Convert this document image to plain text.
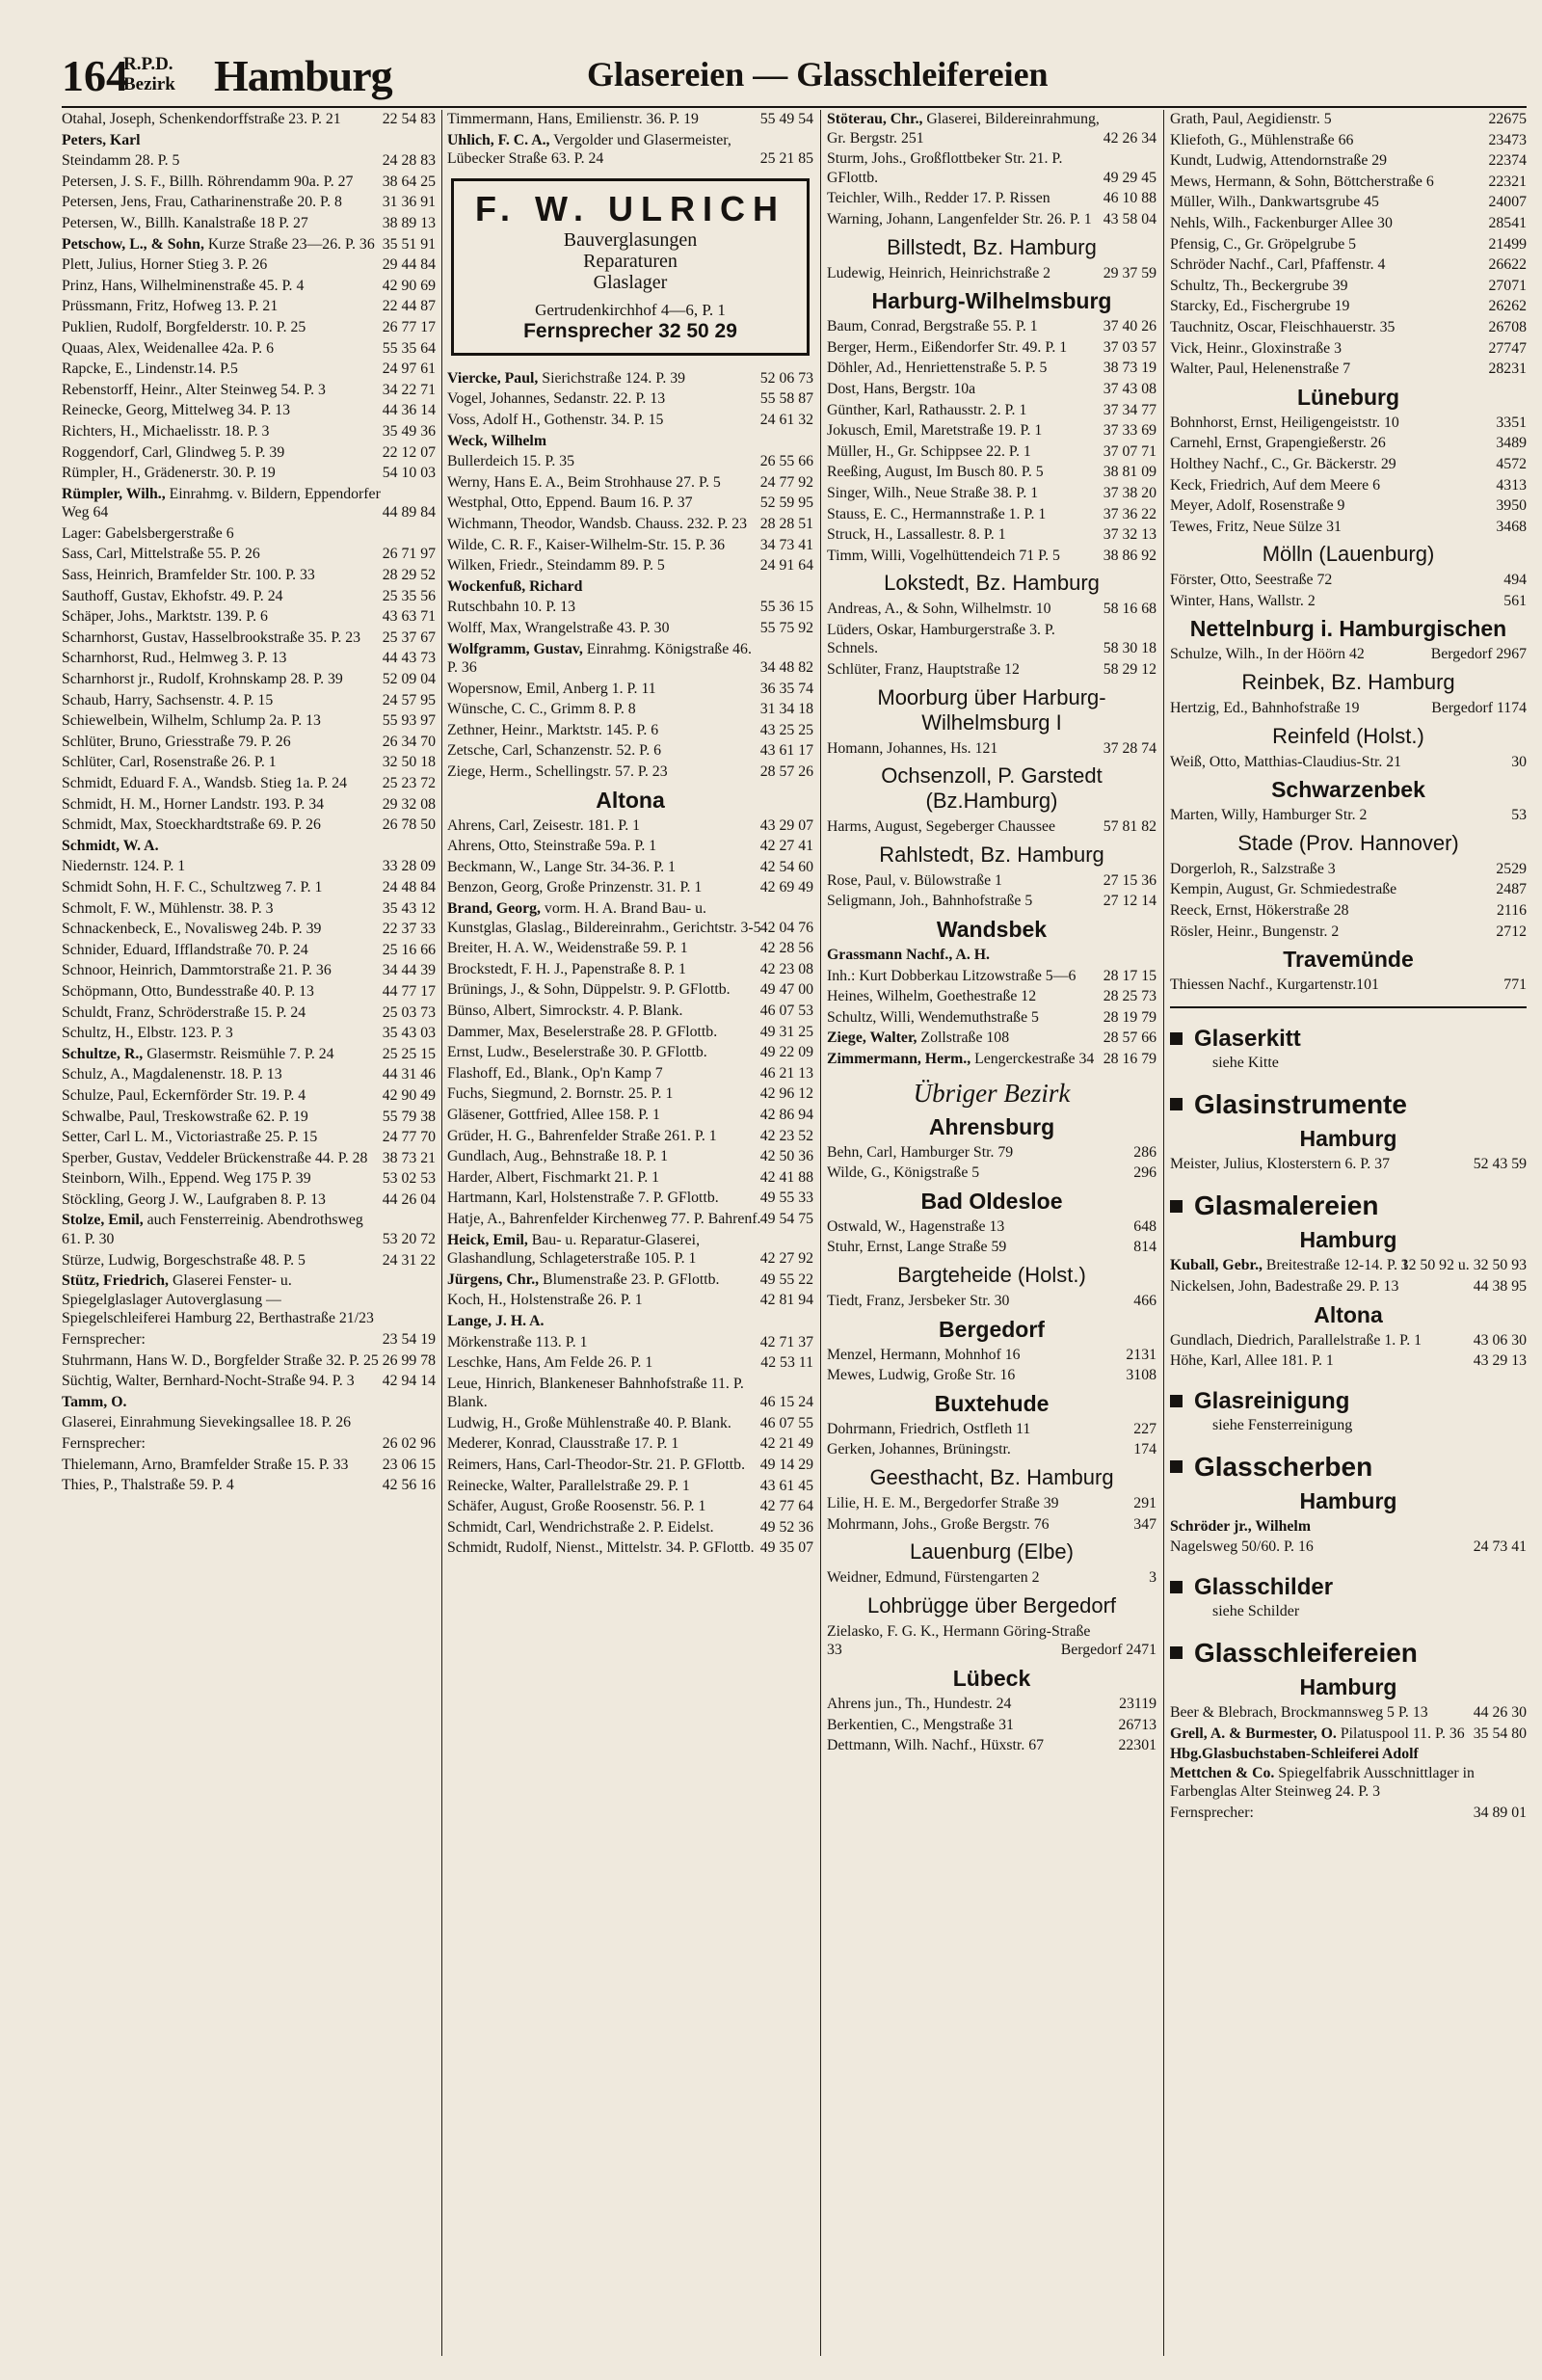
164
R.P.D.
Bezirk Hamburg	Glasereien — Glasschleifereien
Otahal, Joseph, Schenkendorffstraße 23. P. 21	22 54 83
Peters, Karl
Steindamm 28. P. 5	24 28 83
Petersen, J. S. F., Billh. Röhrendamm 90a. P. 27 38 64 25
Petersen, Jens, Frau, Catharinenstraße 20. P. 8	31 36 91
Petersen, W., Billh. Kanalstraße 18 P. 27	38 89 13
Petschow, L., & Sohn, Kurze Straße 23—26. P. 36 35 51 91
Plett, Julius, Horner Stieg 3. P. 26	29 44 84
Prinz, Hans, Wilhelminenstraße 45. P. 4	42 90 69
Prüssmann, Fritz, Hofweg 13. P. 21	22 44 87
Puklien, Rudolf, Borgfelderstr. 10. P. 25	26 77 17
Quaas, Alex, Weidenallee 42a. P. 6	55 35 64
Rapcke, E., Lindenstr.14. P.5	24 97 61
Rebenstorff, Heinr., Alter Steinweg 54. P. 3	34 22 71
Reinecke, Georg, Mittelweg 34. P. 13	44 36 14
Richters, H., Michaelisstr. 18. P. 3	35 49 36
Roggendorf, Carl, Glindweg 5. P. 39	22 12 07
Rümpler, H., Grädenerstr. 30. P. 19	54 10 03
Rümpler, Wilh., Einrahmg. v. Bildern, Eppendorfer Weg 64	44 89 84
Lager: Gabelsbergerstraße 6
Sass, Carl, Mittelstraße 55. P. 26	26 71 97
Sass, Heinrich, Bramfelder Str. 100. P. 33	28 29 52
Sauthoff, Gustav, Ekhofstr. 49. P. 24	25 35 56
Schäper, Johs., Marktstr. 139. P. 6	43 63 71
Scharnhorst, Gustav, Hasselbrookstraße 35. P. 23 25 37 67
Scharnhorst, Rud., Helmweg 3. P. 13	44 43 73
Scharnhorst jr., Rudolf, Krohnskamp 28. P. 39	52 09 04
Schaub, Harry, Sachsenstr. 4. P. 15	24 57 95
Schiewelbein, Wilhelm, Schlump 2a. P. 13	55 93 97
Schlüter, Bruno, Griesstraße 79. P. 26	26 34 70
Schlüter, Carl, Rosenstraße 26. P. 1	32 50 18
Schmidt, Eduard F. A., Wandsb. Stieg 1a. P. 24 25 23 72
Schmidt, H. M., Horner Landstr. 193. P. 34	29 32 08
Schmidt, Max, Stoeckhardtstraße 69. P. 26	26 78 50
Schmidt, W. A.
Niedernstr. 124. P. 1	33 28 09
Schmidt Sohn, H. F. C., Schultzweg 7. P. 1	24 48 84
Schmolt, F. W., Mühlenstr. 38. P. 3	35 43 12
Schnackenbeck, E., Novalisweg 24b. P. 39	22 37 33
Schnider, Eduard, Ifflandstraße 70. P. 24	25 16 66
Schnoor, Heinrich, Dammtorstraße 21. P. 36	34 44 39
Schöpmann, Otto, Bundesstraße 40. P. 13	44 77 17
Schuldt, Franz, Schröderstraße 15. P. 24	25 03 73
Schultz, H., Elbstr. 123. P. 3	35 43 03
Schultze, R., Glasermstr. Reismühle 7. P. 24	25 25 15
Schulz, A., Magdalenenstr. 18. P. 13	44 31 46
Schulze, Paul, Eckernförder Str. 19. P. 4	42 90 49
Schwalbe, Paul, Treskowstraße 62. P. 19	55 79 38
Setter, Carl L. M., Victoriastraße 25. P. 15	24 77 70
Sperber, Gustav, Veddeler Brückenstraße 44. P. 28 38 73 21
Steinborn, Wilh., Eppend. Weg 175 P. 39	53 02 53
Stöckling, Georg J. W., Laufgraben 8. P. 13	44 26 04
Stolze, Emil, auch Fensterreinig. Abendrothsweg 61. P. 30	53 20 72
Stürze, Ludwig, Borgeschstraße 48. P. 5	24 31 22
Stütz, Friedrich, Glaserei Fenster- u. Spiegelglaslager Autoverglasung — Spiegelschleiferei Hamburg 22, Berthastraße 21/23
Fernsprecher:	23 54 19
Stuhrmann, Hans W. D., Borgfelder Straße 32. P. 25 26 99 78
Süchtig, Walter, Bernhard-Nocht-Straße 94. P. 3 42 94 14
Tamm, O.
Glaserei, Einrahmung Sievekingsallee 18. P. 26
Fernsprecher:	26 02 96
Thielemann, Arno, Bramfelder Straße 15. P. 33 23 06 15
Thies, P., Thalstraße 59. P. 4	42 56 16
Timmermann, Hans, Emilienstr. 36. P. 19	55 49 54
Uhlich, F. C. A., Vergolder und Glasermeister, Lübecker Straße 63. P. 24	25 21 85
F. W. ULRICH
Bauverglasungen
Reparaturen
Glaslager
Gertrudenkirchhof 4—6, P. 1
Fernsprecher 32 50 29
Viercke, Paul, Sierichstraße 124. P. 39	52 06 73
Vogel, Johannes, Sedanstr. 22. P. 13	55 58 87
Voss, Adolf H., Gothenstr. 34. P. 15	24 61 32
Weck, Wilhelm
Bullerdeich 15. P. 35	26 55 66
Werny, Hans E. A., Beim Strohhause 27. P. 5	24 77 92
Westphal, Otto, Eppend. Baum 16. P. 37	52 59 95
Wichmann, Theodor, Wandsb. Chauss. 232. P. 23 28 28 51
Wilde, C. R. F., Kaiser-Wilhelm-Str. 15. P. 36 34 73 41
Wilken, Friedr., Steindamm 89. P. 5	24 91 64
Wockenfuß, Richard
Rutschbahn 10. P. 13	55 36 15
Wolff, Max, Wrangelstraße 43. P. 30	55 75 92
Wolfgramm, Gustav, Einrahmg. Königstraße 46. P. 36	34 48 82
Wopersnow, Emil, Anberg 1. P. 11	36 35 74
Wünsche, C. C., Grimm 8. P. 8	31 34 18
Zethner, Heinr., Marktstr. 145. P. 6	43 25 25
Zetsche, Carl, Schanzenstr. 52. P. 6	43 61 17
Ziege, Herm., Schellingstr. 57. P. 23	28 57 26
Altona
Ahrens, Carl, Zeisestr. 181. P. 1	43 29 07
Ahrens, Otto, Steinstraße 59a. P. 1	42 27 41
Beckmann, W., Lange Str. 34-36. P. 1	42 54 60
Benzon, Georg, Große Prinzenstr. 31. P. 1	42 69 49
Brand, Georg, vorm. H. A. Brand Bau- u. Kunstglas, Glaslag., Bildereinrahm., Gerichtstr. 3-5 42 04 76
Breiter, H. A. W., Weidenstraße 59. P. 1	42 28 56
Brockstedt, F. H. J., Papenstraße 8. P. 1	42 23 08
Brünings, J., & Sohn, Düppelstr. 9. P. GFlottb. 49 47 00
Bünso, Albert, Simrockstr. 4. P. Blank.	46 07 53
Dammer, Max, Beselerstraße 28. P. GFlottb.	49 31 25
Ernst, Ludw., Beselerstraße 30. P. GFlottb.	49 22 09
Flashoff, Ed., Blank., Op'n Kamp 7	46 21 13
Fuchs, Siegmund, 2. Bornstr. 25. P. 1	42 96 12
Gläsener, Gottfried, Allee 158. P. 1	42 86 94
Grüder, H. G., Bahrenfelder Straße 261. P. 1	42 23 52
Gundlach, Aug., Behnstraße 18. P. 1	42 50 36
Harder, Albert, Fischmarkt 21. P. 1	42 41 88
Hartmann, Karl, Holstenstraße 7. P. GFlottb.	49 55 33
Hatje, A., Bahrenfelder Kirchenweg 77. P. Bahrenf. 49 54 75
Heick, Emil, Bau- u. Reparatur-Glaserei, Glashandlung, Schlageterstraße 105. P. 1	42 27 92
Jürgens, Chr., Blumenstraße 23. P. GFlottb.	49 55 22
Koch, H., Holstenstraße 26. P. 1	42 81 94
Lange, J. H. A.
Mörkenstraße 113. P. 1	42 71 37
Leschke, Hans, Am Felde 26. P. 1	42 53 11
Leue, Hinrich, Blankeneser Bahnhofstraße 11. P. Blank.	46 15 24
Ludwig, H., Große Mühlenstraße 40. P. Blank. 46 07 55
Mederer, Konrad, Clausstraße 17. P. 1	42 21 49
Reimers, Hans, Carl-Theodor-Str. 21. P. GFlottb. 49 14 29
Reinecke, Walter, Parallelstraße 29. P. 1	43 61 45
Schäfer, August, Große Roosenstr. 56. P. 1	42 77 64
Schmidt, Carl, Wendrichstraße 2. P. Eidelst.	49 52 36
Schmidt, Rudolf, Nienst., Mittelstr. 34. P. GFlottb. 49 35 07
Stöterau, Chr., Glaserei, Bildereinrahmung, Gr. Bergstr. 251	42 26 34
Sturm, Johs., Großflottbeker Str. 21. P. GFlottb.	49 29 45
Teichler, Wilh., Redder 17. P. Rissen	46 10 88
Warning, Johann, Langenfelder Str. 26. P. 1 43 58 04
Billstedt, Bz. Hamburg
Ludewig, Heinrich, Heinrichstraße 2	29 37 59
Harburg-Wilhelmsburg
Baum, Conrad, Bergstraße 55. P. 1	37 40 26
Berger, Herm., Eißendorfer Str. 49. P. 1 37 03 57
Döhler, Ad., Henriettenstraße 5. P. 5	38 73 19
Dost, Hans, Bergstr. 10a	37 43 08
Günther, Karl, Rathausstr. 2. P. 1	37 34 77
Jokusch, Emil, Maretstraße 19. P. 1	37 33 69
Müller, H., Gr. Schippsee 22. P. 1	37 07 71
Reeßing, August, Im Busch 80. P. 5	38 81 09
Singer, Wilh., Neue Straße 38. P. 1	37 38 20
Stauss, E. C., Hermannstraße 1. P. 1	37 36 22
Struck, H., Lassallestr. 8. P. 1	37 32 13
Timm, Willi, Vogelhüttendeich 71 P. 5	38 86 92
Lokstedt, Bz. Hamburg
Andreas, A., & Sohn, Wilhelmstr. 10	58 16 68
Lüders, Oskar, Hamburgerstraße 3. P. Schnels.	58 30 18
Schlüter, Franz, Hauptstraße 12	58 29 12
Moorburg über Harburg-Wilhelmsburg I
Homann, Johannes, Hs. 121	37 28 74
Ochsenzoll, P. Garstedt (Bz.Hamburg)
Harms, August, Segeberger Chaussee	57 81 82
Rahlstedt, Bz. Hamburg
Rose, Paul, v. Bülowstraße 1	27 15 36
Seligmann, Joh., Bahnhofstraße 5	27 12 14
Wandsbek
Grassmann Nachf., A. H.
Inh.: Kurt Dobberkau Litzowstraße 5—6 28 17 15
Heines, Wilhelm, Goethestraße 12	28 25 73
Schultz, Willi, Wendemuthstraße 5	28 19 79
Ziege, Walter, Zollstraße 108	28 57 66
Zimmermann, Herm., Lengerckestraße 34 28 16 79
Übriger Bezirk
Ahrensburg
Behn, Carl, Hamburger Str. 79	286
Wilde, G., Königstraße 5	296
Bad Oldesloe
Ostwald, W., Hagenstraße 13	648
Stuhr, Ernst, Lange Straße 59	814
Bargteheide (Holst.)
Tiedt, Franz, Jersbeker Str. 30	466
Bergedorf
Menzel, Hermann, Mohnhof 16	2131
Mewes, Ludwig, Große Str. 16	3108
Buxtehude
Dohrmann, Friedrich, Ostfleth 11	227
Gerken, Johannes, Brüningstr.	174
Geesthacht, Bz. Hamburg
Lilie, H. E. M., Bergedorfer Straße 39	291
Mohrmann, Johs., Große Bergstr. 76	347
Lauenburg (Elbe)
Weidner, Edmund, Fürstengarten 2	3
Lohbrügge über Bergedorf
Zielasko, F. G. K., Hermann Göring-Straße 33	Bergedorf 2471
Lübeck
Ahrens jun., Th., Hundestr. 24	23119
Berkentien, C., Mengstraße 31	26713
Dettmann, Wilh. Nachf., Hüxstr. 67	22301
Grath, Paul, Aegidienstr. 5	22675
Kliefoth, G., Mühlenstraße 66	23473
Kundt, Ludwig, Attendornstraße 29	22374
Mews, Hermann, & Sohn, Böttcherstraße 6	22321
Müller, Wilh., Dankwartsgrube 45	24007
Nehls, Wilh., Fackenburger Allee 30	28541
Pfensig, C., Gr. Gröpelgrube 5	21499
Schröder Nachf., Carl, Pfaffenstr. 4	26622
Schultz, Th., Beckergrube 39	27071
Starcky, Ed., Fischergrube 19	26262
Tauchnitz, Oscar, Fleischhauerstr. 35	26708
Vick, Heinr., Gloxinstraße 3	27747
Walter, Paul, Helenenstraße 7	28231
Lüneburg
Bohnhorst, Ernst, Heiligengeiststr. 10	3351
Carnehl, Ernst, Grapengießerstr. 26	3489
Holthey Nachf., C., Gr. Bäckerstr. 29	4572
Keck, Friedrich, Auf dem Meere 6	4313
Meyer, Adolf, Rosenstraße 9	3950
Tewes, Fritz, Neue Sülze 31	3468
Mölln (Lauenburg)
Förster, Otto, Seestraße 72	494
Winter, Hans, Wallstr. 2	561
Nettelnburg i. Hamburgischen
Schulze, Wilh., In der Höörn 42	Bergedorf 2967
Reinbek, Bz. Hamburg
Hertzig, Ed., Bahnhofstraße 19	Bergedorf 1174
Reinfeld (Holst.)
Weiß, Otto, Matthias-Claudius-Str. 21	30
Schwarzenbek
Marten, Willy, Hamburger Str. 2	53
Stade (Prov. Hannover)
Dorgerloh, R., Salzstraße 3	2529
Kempin, August, Gr. Schmiedestraße	2487
Reeck, Ernst, Hökerstraße 28	2116
Rösler, Heinr., Bungenstr. 2	2712
Travemünde
Thiessen Nachf., Kurgartenstr.101	771
Glaserkitt
siehe Kitte
Glasinstrumente
Hamburg
Meister, Julius, Klosterstern 6. P. 37	52 43 59
Glasmalereien
Hamburg
Kuball, Gebr., Breitestraße 12-14. P. 1
32 50 92 u. 32 50 93
Nickelsen, John, Badestraße 29. P. 13	44 38 95
Altona
Gundlach, Diedrich, Parallelstraße 1. P. 1	43 06 30
Höhe, Karl, Allee 181. P. 1	43 29 13
Glasreinigung
siehe Fensterreinigung
Glasscherben
Hamburg
Schröder jr., Wilhelm
Nagelsweg 50/60. P. 16	24 73 41
Glasschilder
siehe Schilder
Glasschleifereien
Hamburg
Beer & Blebrach, Brockmannsweg 5 P. 13	44 26 30
Grell, A. & Burmester, O. Pilatuspool 11. P. 36 35 54 80
Hbg.Glasbuchstaben-Schleiferei Adolf Mettchen & Co. Spiegelfabrik Ausschnittlager in Farbenglas Alter Steinweg 24. P. 3
Fernsprecher:	34 89 01
